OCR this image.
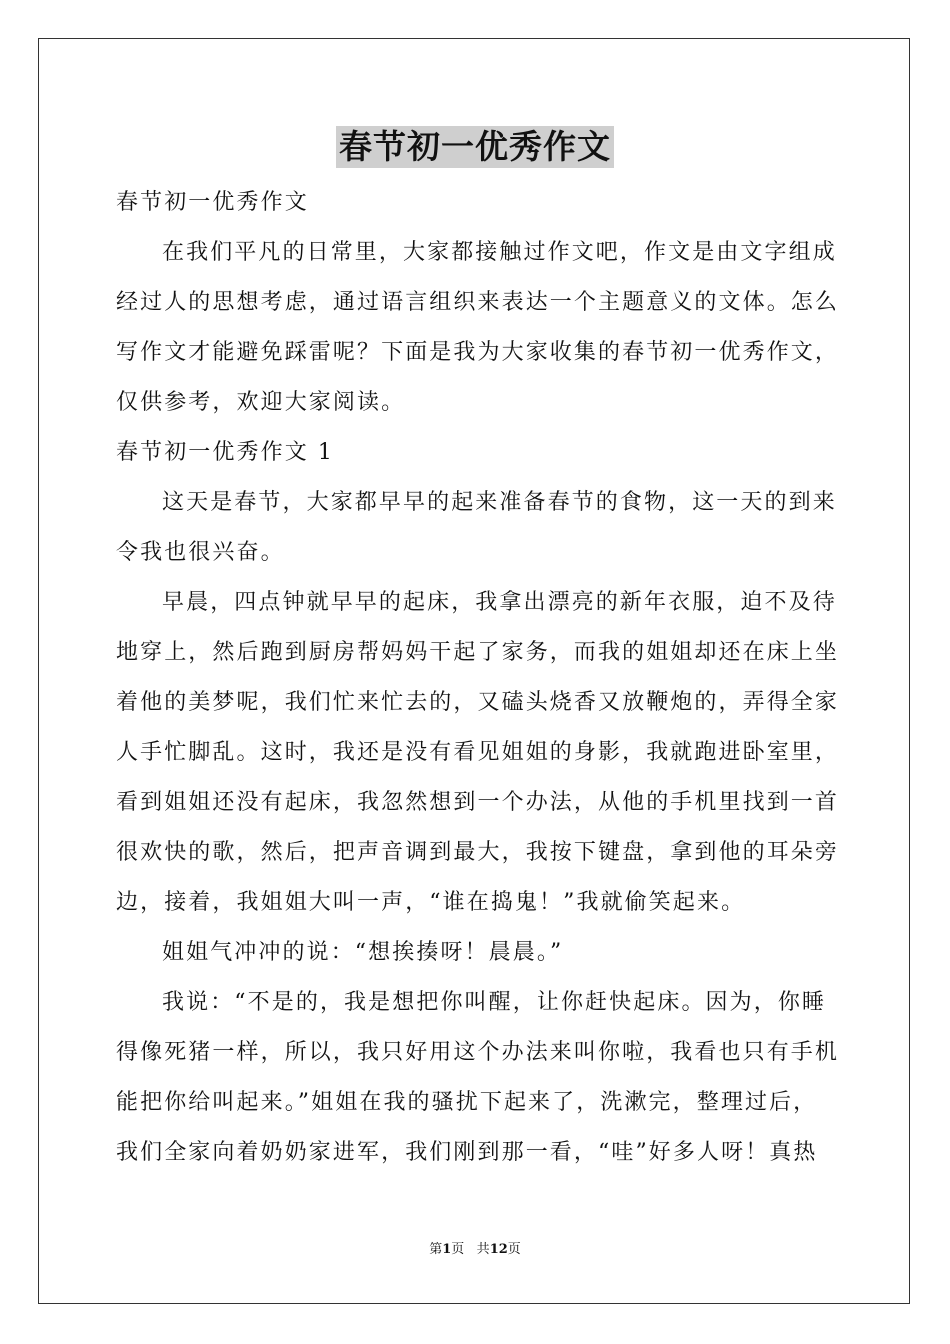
春节初一优秀作文
春节初一优秀作文
在我们平凡的日常里，大家都接触过作文吧，作文是由文字组成
经过人的思想考虑，通过语言组织来表达一个主题意义的文体。怎么
写作文才能避免踩雷呢？下面是我为大家收集的春节初一优秀作文，
仅供参考，欢迎大家阅读。
春节初一优秀作文 1
这天是春节，大家都早早的起来准备春节的食物，这一天的到来
令我也很兴奋。
早晨，四点钟就早早的起床，我拿出漂亮的新年衣服，迫不及待
地穿上，然后跑到厨房帮妈妈干起了家务，而我的姐姐却还在床上坐
着他的美梦呢，我们忙来忙去的，又磕头烧香又放鞭炮的，弄得全家
人手忙脚乱。这时，我还是没有看见姐姐的身影，我就跑进卧室里，
看到姐姐还没有起床，我忽然想到一个办法，从他的手机里找到一首
很欢快的歌，然后，把声音调到最大，我按下键盘，拿到他的耳朵旁
边，接着，我姐姐大叫一声，“谁在捣鬼！”我就偷笑起来。
姐姐气冲冲的说：“想挨揍呀！晨晨。”
我说：“不是的，我是想把你叫醒，让你赶快起床。因为，你睡
得像死猪一样，所以，我只好用这个办法来叫你啦，我看也只有手机
能把你给叫起来。”姐姐在我的骚扰下起来了，洗漱完，整理过后，
我们全家向着奶奶家进军，我们刚到那一看，“哇”好多人呀！真热
第1页 共12页
